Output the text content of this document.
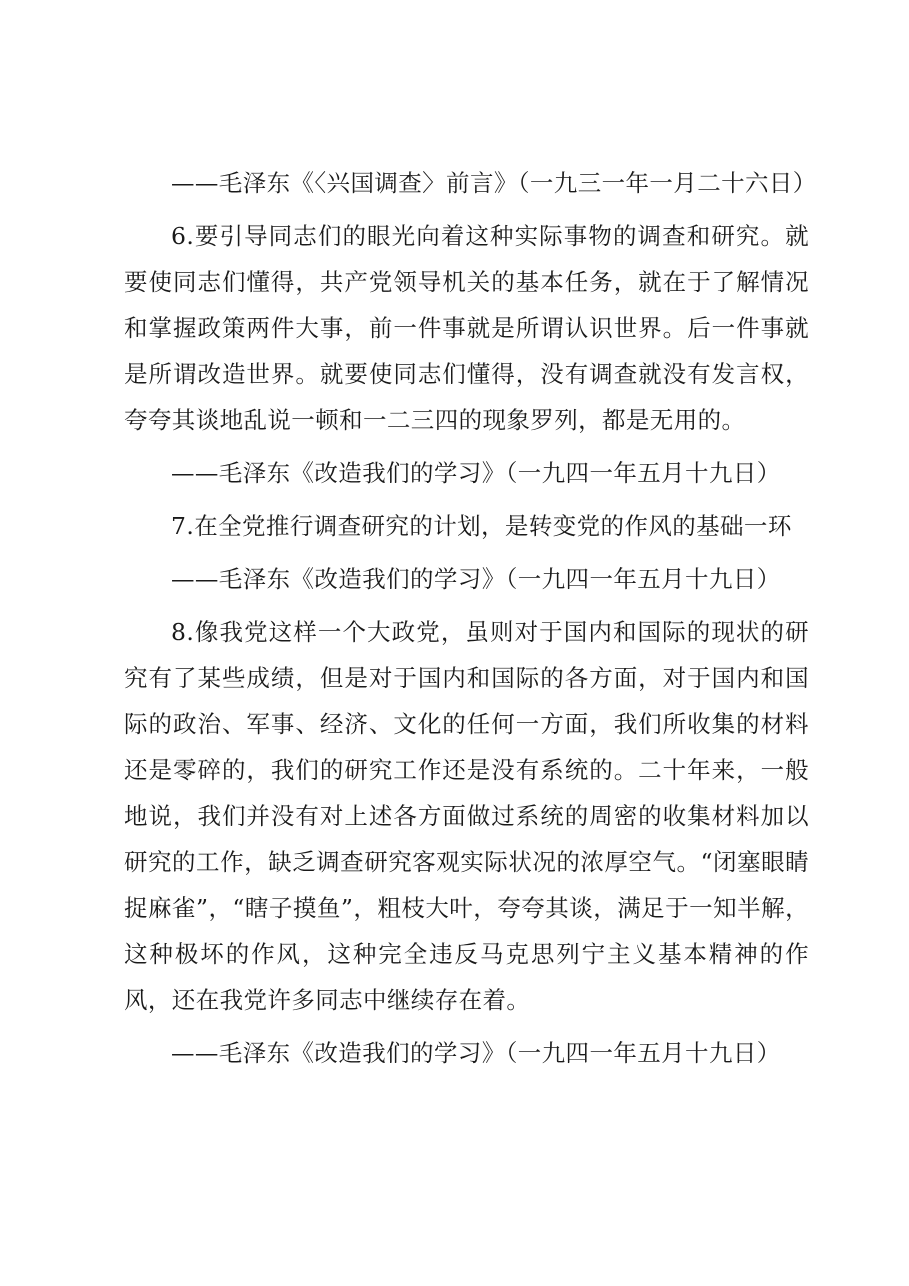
——毛泽东《〈兴国调查〉前言》（一九三一年一月二十六日）

6.要引导同志们的眼光向着这种实际事物的调查和研究。就要使同志们懂得，共产党领导机关的基本任务，就在于了解情况和掌握政策两件大事，前一件事就是所谓认识世界。后一件事就是所谓改造世界。就要使同志们懂得，没有调查就没有发言权，夸夸其谈地乱说一顿和一二三四的现象罗列，都是无用的。

——毛泽东《改造我们的学习》（一九四一年五月十九日）

7.在全党推行调查研究的计划，是转变党的作风的基础一环

——毛泽东《改造我们的学习》（一九四一年五月十九日）

8.像我党这样一个大政党，虽则对于国内和国际的现状的研究有了某些成绩，但是对于国内和国际的各方面，对于国内和国际的政治、军事、经济、文化的任何一方面，我们所收集的材料还是零碎的，我们的研究工作还是没有系统的。二十年来，一般地说，我们并没有对上述各方面做过系统的周密的收集材料加以研究的工作，缺乏调查研究客观实际状况的浓厚空气。“闭塞眼睛捉麻雀”，“瞎子摸鱼”，粗枝大叶，夸夸其谈，满足于一知半解，这种极坏的作风，这种完全违反马克思列宁主义基本精神的作风，还在我党许多同志中继续存在着。

——毛泽东《改造我们的学习》（一九四一年五月十九日）
